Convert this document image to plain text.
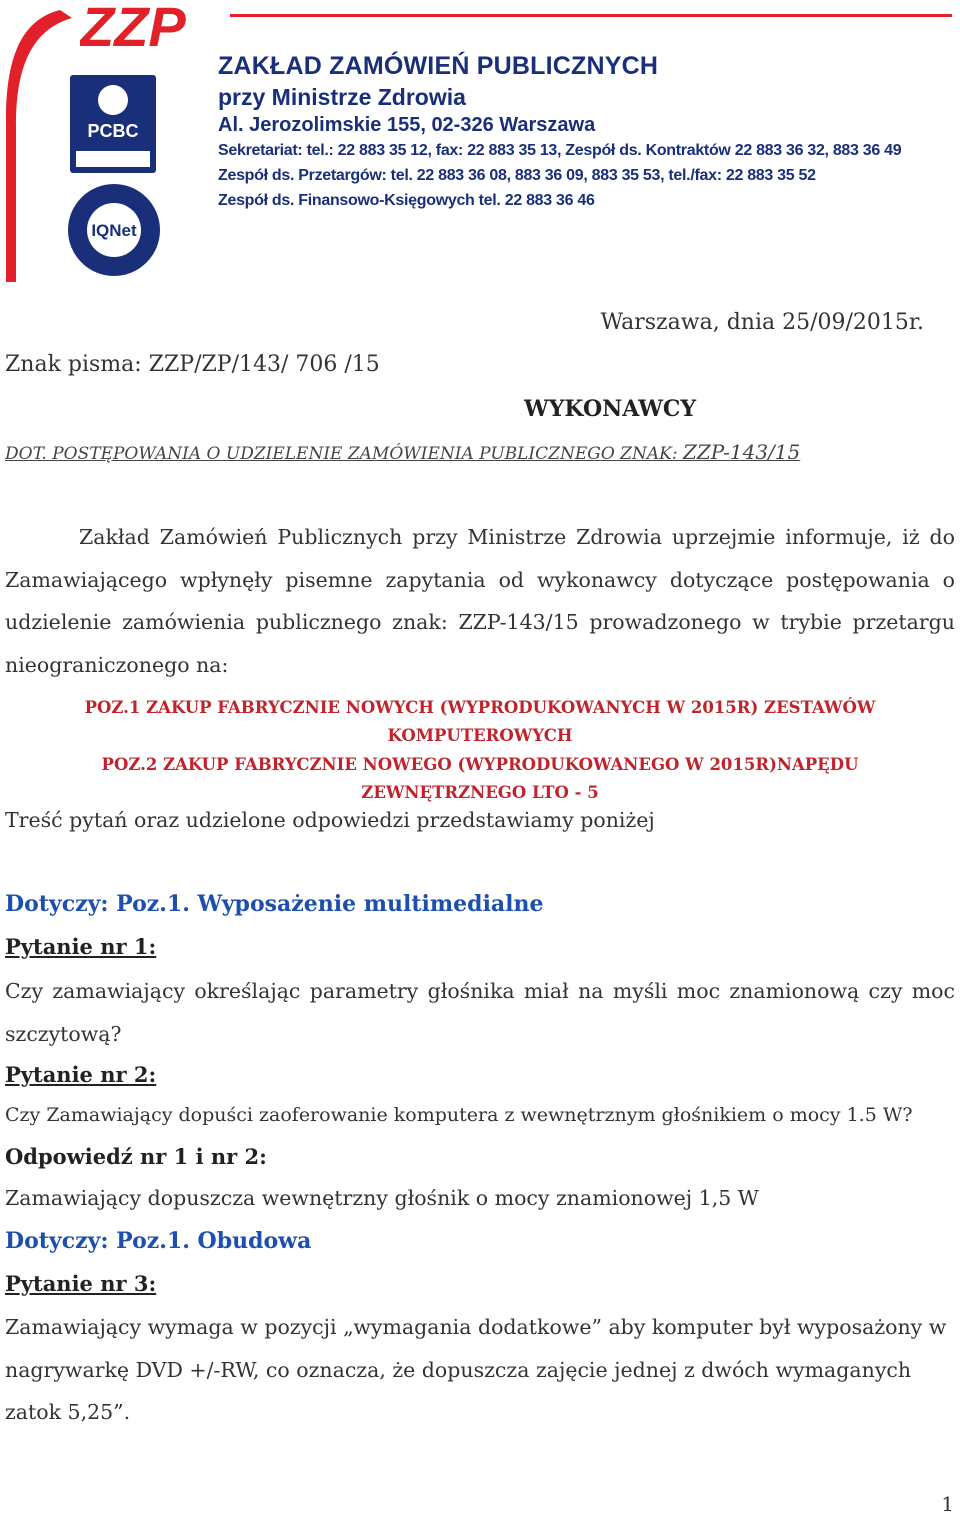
ZZP
PCBC
IQNet
ZAKŁAD ZAMÓWIEŃ PUBLICZNYCH
przy Ministrze Zdrowia
Al. Jerozolimskie 155, 02-326 Warszawa
Sekretariat: tel.: 22 883 35 12, fax: 22 883 35 13, Zespół ds. Kontraktów 22 883 36 32, 883 36 49
Zespół ds. Przetargów: tel. 22 883 36 08, 883 36 09, 883 35 53, tel./fax: 22 883 35 52
Zespół ds. Finansowo-Księgowych tel. 22 883 36 46
Warszawa, dnia 25/09/2015r.
Znak pisma: ZZP/ZP/143/ 706 /15
WYKONAWCY
DOT. POSTĘPOWANIA O UDZIELENIE ZAMÓWIENIA PUBLICZNEGO ZNAK: ZZP-143/15
Zakład Zamówień Publicznych przy Ministrze Zdrowia uprzejmie informuje, iż do Zamawiającego wpłynęły pisemne zapytania od wykonawcy dotyczące postępowania o udzielenie zamówienia publicznego znak: ZZP-143/15 prowadzonego w trybie przetargu nieograniczonego na:
POZ.1 ZAKUP FABRYCZNIE NOWYCH (WYPRODUKOWANYCH W 2015R) ZESTAWÓW
KOMPUTEROWYCH
POZ.2 ZAKUP FABRYCZNIE NOWEGO (WYPRODUKOWANEGO W 2015R)NAPĘDU
ZEWNĘTRZNEGO LTO - 5
Treść pytań oraz udzielone odpowiedzi przedstawiamy poniżej
Dotyczy: Poz.1. Wyposażenie multimedialne
Pytanie nr 1:
Czy zamawiający określając parametry głośnika miał na myśli moc znamionową czy moc szczytową?
Pytanie nr 2:
Czy Zamawiający dopuści zaoferowanie komputera z wewnętrznym głośnikiem o mocy 1.5 W?
Odpowiedź nr 1 i nr 2:
Zamawiający dopuszcza wewnętrzny głośnik o mocy znamionowej 1,5 W
Dotyczy: Poz.1. Obudowa
Pytanie nr 3:
Zamawiający wymaga w pozycji „wymagania dodatkowe” aby komputer był wyposażony w nagrywarkę DVD +/-RW, co oznacza, że dopuszcza zajęcie jednej z dwóch wymaganych zatok 5,25”.
1
